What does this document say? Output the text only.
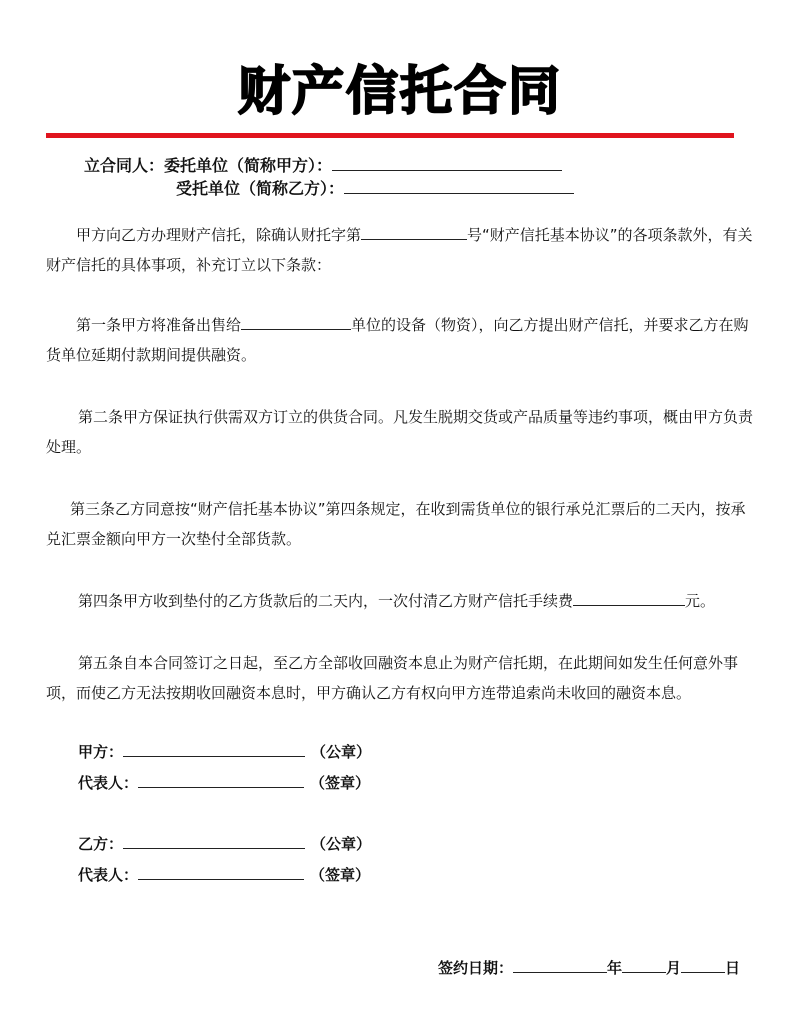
财产信托合同
立合同人：委托单位（简称甲方）：
受托单位（简称乙方）：
甲方向乙方办理财产信托，除确认财托字第	号“财产信托基本协议”的各项条款外，有关财产信托的具体事项，补充订立以下条款：
第一条甲方将准备出售给	单位的设备（物资），向乙方提出财产信托，并要求乙方在购货单位延期付款期间提供融资。
第二条甲方保证执行供需双方订立的供货合同。凡发生脱期交货或产品质量等违约事项，概由甲方负责处理。
第三条乙方同意按“财产信托基本协议”第四条规定，在收到需货单位的银行承兑汇票后的二天内，按承兑汇票金额向甲方一次垫付全部货款。
第四条甲方收到垫付的乙方货款后的二天内，一次付清乙方财产信托手续费	元。
第五条自本合同签订之日起，至乙方全部收回融资本息止为财产信托期，在此期间如发生任何意外事项，而使乙方无法按期收回融资本息时，甲方确认乙方有权向甲方连带追索尚未收回的融资本息。
甲方：	（公章）
代表人：	（签章）
乙方：	（公章）
代表人：	（签章）
签约日期：	年	月	日
